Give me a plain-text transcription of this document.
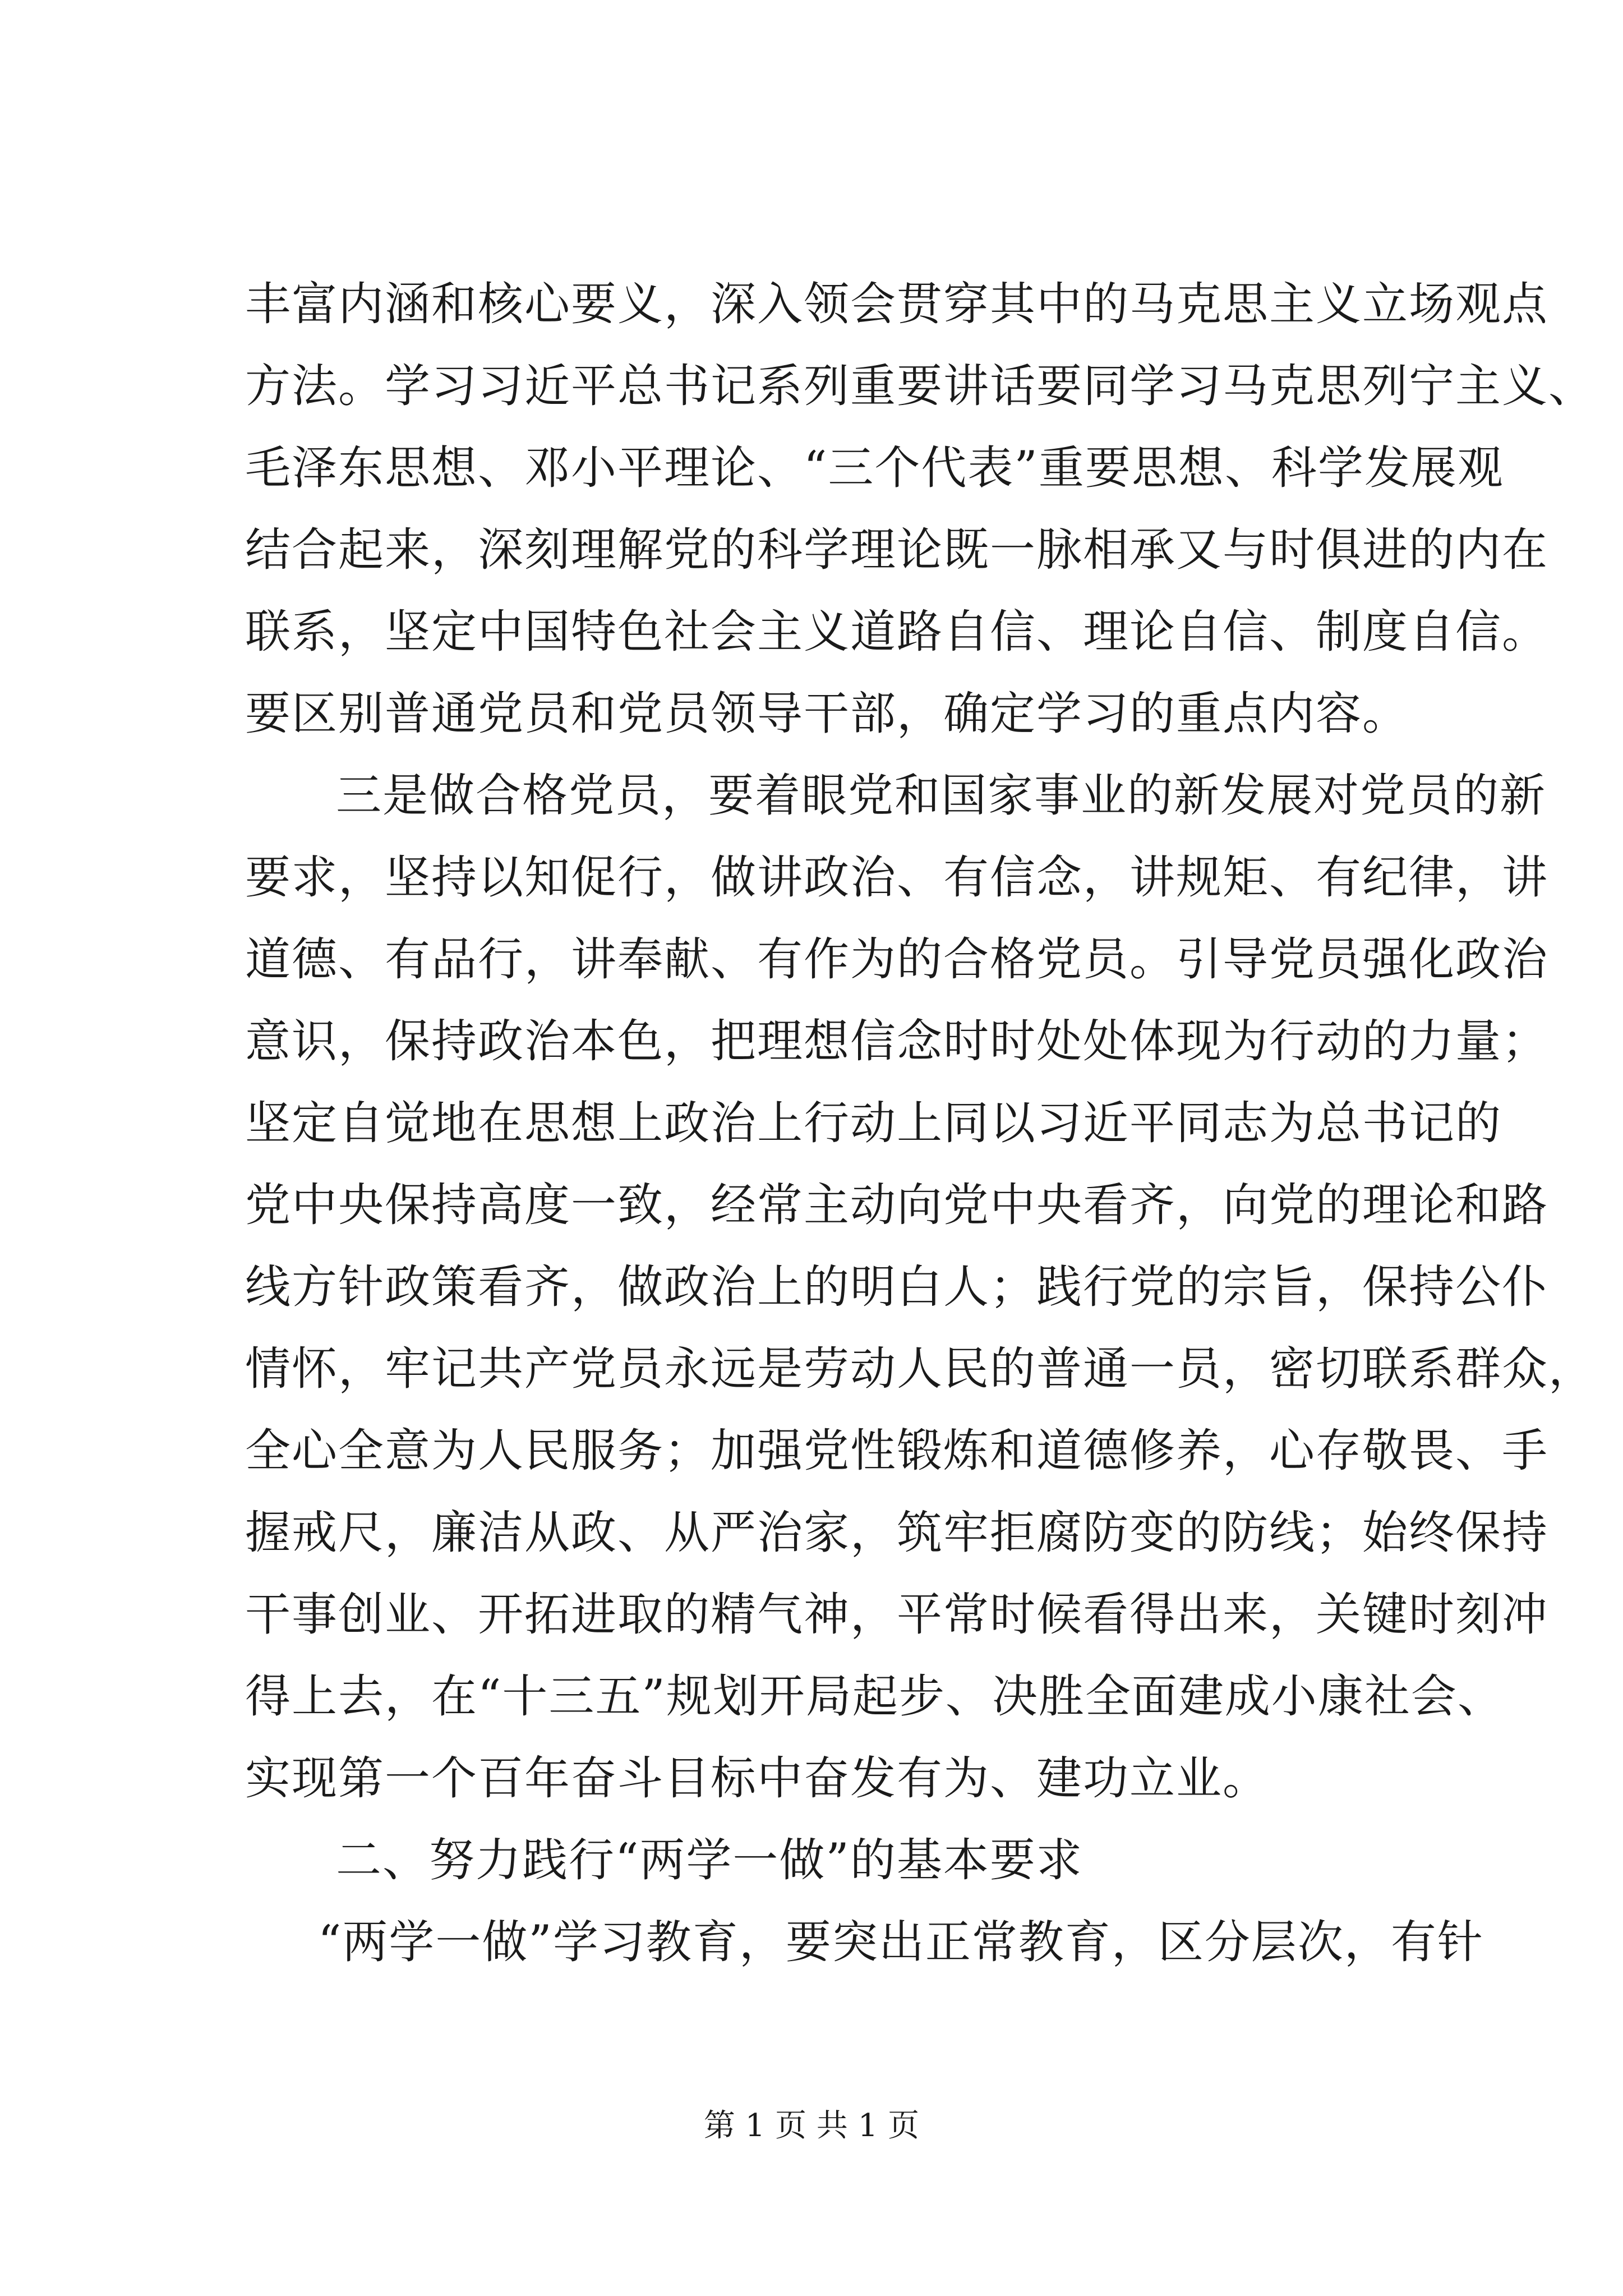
丰富内涵和核心要义，深入领会贯穿其中的马克思主义立场观点
方法。学习习近平总书记系列重要讲话要同学习马克思列宁主义、
毛泽东思想、邓小平理论、“三个代表”重要思想、科学发展观
结合起来，深刻理解党的科学理论既一脉相承又与时俱进的内在
联系，坚定中国特色社会主义道路自信、理论自信、制度自信。
要区别普通党员和党员领导干部，确定学习的重点内容。
三是做合格党员，要着眼党和国家事业的新发展对党员的新
要求，坚持以知促行，做讲政治、有信念，讲规矩、有纪律，讲
道德、有品行，讲奉献、有作为的合格党员。引导党员强化政治
意识，保持政治本色，把理想信念时时处处体现为行动的力量；
坚定自觉地在思想上政治上行动上同以习近平同志为总书记的
党中央保持高度一致，经常主动向党中央看齐，向党的理论和路
线方针政策看齐，做政治上的明白人；践行党的宗旨，保持公仆
情怀，牢记共产党员永远是劳动人民的普通一员，密切联系群众，
全心全意为人民服务；加强党性锻炼和道德修养，心存敬畏、手
握戒尺，廉洁从政、从严治家，筑牢拒腐防变的防线；始终保持
干事创业、开拓进取的精气神，平常时候看得出来，关键时刻冲
得上去，在“十三五”规划开局起步、决胜全面建成小康社会、
实现第一个百年奋斗目标中奋发有为、建功立业。
二、努力践行“两学一做”的基本要求
“两学一做”学习教育，要突出正常教育，区分层次，有针
第 1 页 共 1 页
